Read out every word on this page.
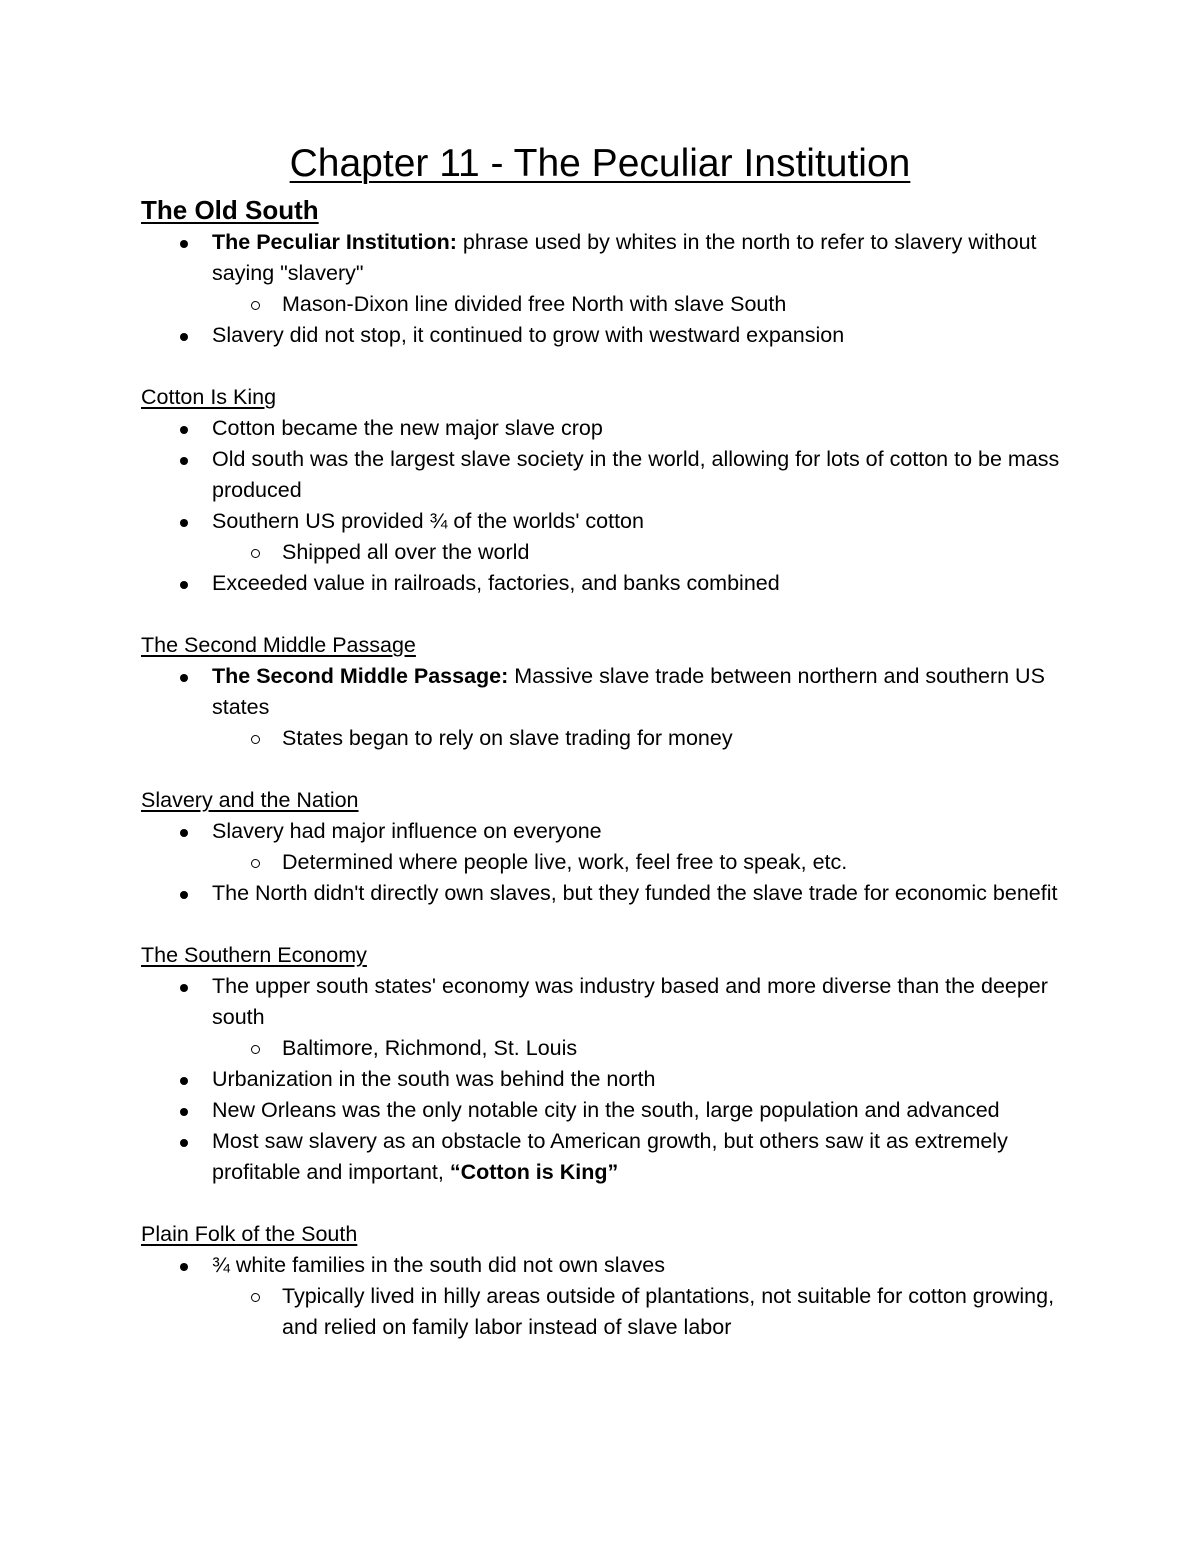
Chapter 11 - The Peculiar Institution

The Old South

The Peculiar Institution: phrase used by whites in the north to refer to slavery without saying "slavery"
Mason-Dixon line divided free North with slave South
Slavery did not stop, it continued to grow with westward expansion

Cotton Is King

Cotton became the new major slave crop
Old south was the largest slave society in the world, allowing for lots of cotton to be mass produced
Southern US provided ¾ of the worlds' cotton
Shipped all over the world
Exceeded value in railroads, factories, and banks combined

The Second Middle Passage

The Second Middle Passage: Massive slave trade between northern and southern US states
States began to rely on slave trading for money

Slavery and the Nation

Slavery had major influence on everyone
Determined where people live, work, feel free to speak, etc.
The North didn't directly own slaves, but they funded the slave trade for economic benefit

The Southern Economy

The upper south states' economy was industry based and more diverse than the deeper south
Baltimore, Richmond, St. Louis
Urbanization in the south was behind the north
New Orleans was the only notable city in the south, large population and advanced
Most saw slavery as an obstacle to American growth, but others saw it as extremely profitable and important, “Cotton is King”

Plain Folk of the South

¾ white families in the south did not own slaves
Typically lived in hilly areas outside of plantations, not suitable for cotton growing, and relied on family labor instead of slave labor
